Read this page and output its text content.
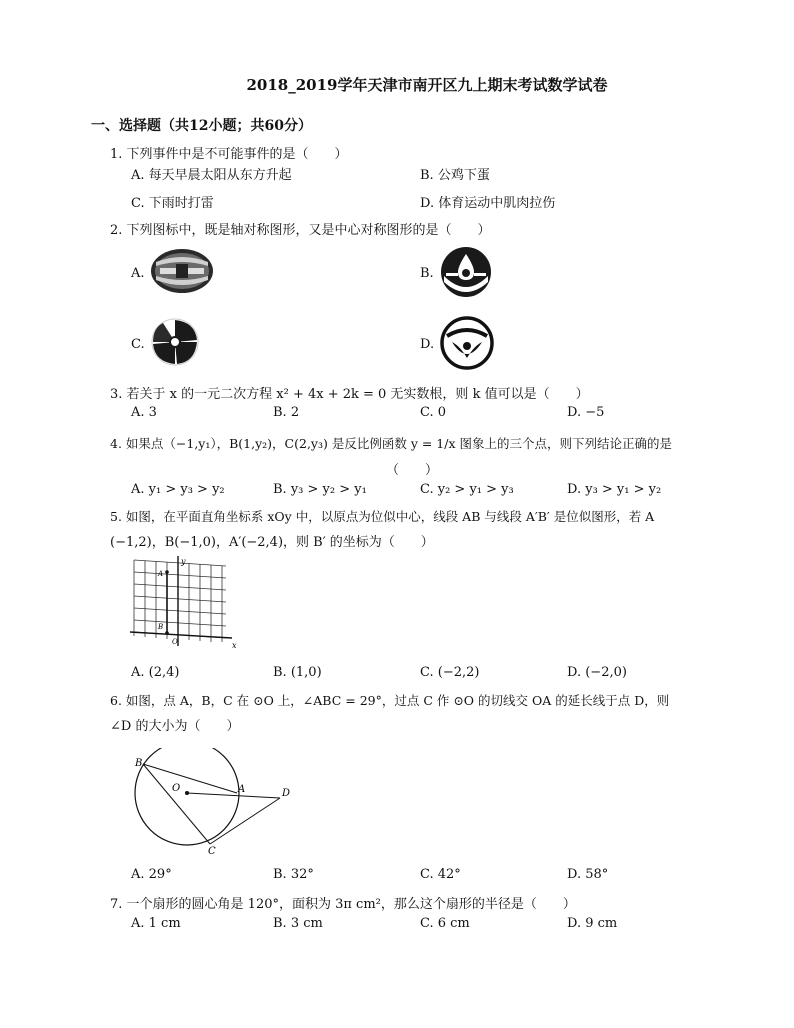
2018_2019学年天津市南开区九上期末考试数学试卷
一、选择题（共12小题；共60分）
1. 下列事件中是不可能事件的是（　　）
A. 每天早晨太阳从东方升起	B. 公鸡下蛋
C. 下雨时打雷	D. 体育运动中肌肉拉伤
2. 下列图标中，既是轴对称图形，又是中心对称图形的是（　　）
A.	B.
C.	D.
3. 若关于 x 的一元二次方程 x² + 4x + 2k = 0 无实数根，则 k 值可以是（　　）
A. 3	B. 2	C. 0	D. −5
4. 如果点（−1,y₁），B(1,y₂)，C(2,y₃) 是反比例函数 y = 1/x 图象上的三个点，则下列结论正确的是
（　　）
A. y₁ > y₃ > y₂	B. y₃ > y₂ > y₁	C. y₂ > y₁ > y₃	D. y₃ > y₁ > y₂
5. 如图，在平面直角坐标系 xOy 中，以原点为位似中心，线段 AB 与线段 A′B′ 是位似图形，若 A
(−1,2)，B(−1,0)，A′(−2,4)，则 B′ 的坐标为（　　）
y
x
O
A
B
A. (2,4)	B. (1,0)	C. (−2,2)	D. (−2,0)
6. 如图，点 A，B，C 在 ⊙O 上，∠ABC = 29°，过点 C 作 ⊙O 的切线交 OA 的延长线于点 D，则
∠D 的大小为（　　）
B
O	A	D
C
A. 29°	B. 32°	C. 42°	D. 58°
7. 一个扇形的圆心角是 120°，面积为 3π cm²，那么这个扇形的半径是（　　）
A. 1 cm	B. 3 cm	C. 6 cm	D. 9 cm
